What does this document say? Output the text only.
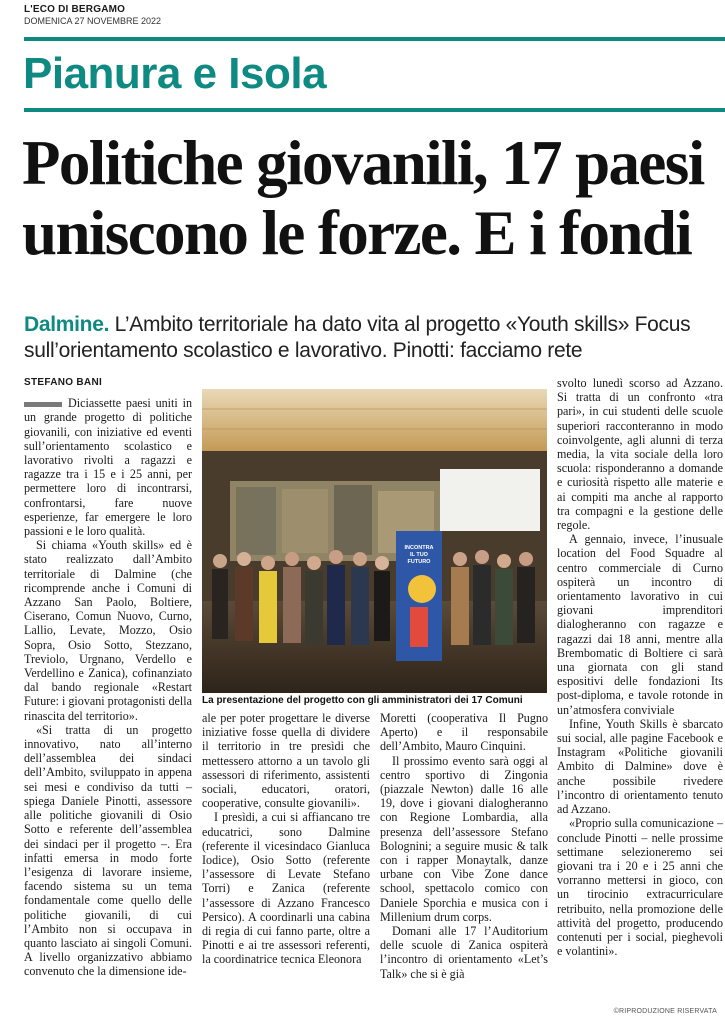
L'ECO DI BERGAMO
DOMENICA 27 NOVEMBRE 2022
Pianura e Isola
Politiche giovanili, 17 paesi
uniscono le forze. E i fondi
Dalmine. L’Ambito territoriale ha dato vita al progetto «Youth skills» Focus sull’orientamento scolastico e lavorativo. Pinotti: facciamo rete
STEFANO BANI

Diciassette paesi uniti in un grande progetto di politiche giovanili, con iniziative ed eventi sull’orientamento scolastico e lavorativo rivolti a ragazzi e ragazze tra i 15 e i 25 anni, per permettere loro di incontrarsi, confrontarsi, fare nuove esperienze, far emergere le loro passioni e le loro qualità.

Si chiama «Youth skills» ed è stato realizzato dall’Ambito territoriale di Dalmine (che ricomprende anche i Comuni di Azzano San Paolo, Boltiere, Ciserano, Comun Nuovo, Curno, Lallio, Levate, Mozzo, Osio Sopra, Osio Sotto, Stezzano, Treviolo, Urgnano, Verdello e Verdellino e Zanica), cofinanziato dal bando regionale «Restart Future: i giovani protagonisti della rinascita del territorio».

«Si tratta di un progetto innovativo, nato all’interno dell’assemblea dei sindaci dell’Ambito, sviluppato in appena sei mesi e condiviso da tutti – spiega Daniele Pinotti, assessore alle politiche giovanili di Osio Sotto e referente dell’assemblea dei sindaci per il progetto –. Era infatti emersa in modo forte l’esigenza di lavorare insieme, facendo sistema su un tema fondamentale come quello delle politiche giovanili, di cui l’Ambito non si occupava in quanto lasciato ai singoli Comuni. A livello organizzativo abbiamo convenuto che la dimensione ide-

INCONTRA
IL TUO
FUTURO
La presentazione del progetto con gli amministratori dei 17 Comuni

ale per poter progettare le diverse iniziative fosse quella di dividere il territorio in tre presìdi che mettessero attorno a un tavolo gli assessori di riferimento, assistenti sociali, educatori, oratori, cooperative, consulte giovanili».

I presìdi, a cui si affiancano tre educatrici, sono Dalmine (referente il vicesindaco Gianluca Iodice), Osio Sotto (referente l’assessore di Levate Stefano Torri) e Zanica (referente l’assessore di Azzano Francesco Persico). A coordinarli una cabina di regia di cui fanno parte, oltre a Pinotti e ai tre assessori referenti, la coordinatrice tecnica Eleonora

Moretti (cooperativa Il Pugno Aperto) e il responsabile dell’Ambito, Mauro Cinquini.

Il prossimo evento sarà oggi al centro sportivo di Zingonia (piazzale Newton) dalle 16 alle 19, dove i giovani dialogheranno con Regione Lombardia, alla presenza dell’assessore Stefano Bolognini; a seguire music & talk con i rapper Monaytalk, danze urbane con Vibe Zone dance school, spettacolo comico con Daniele Sporchia e musica con i Millenium drum corps.

Domani alle 17 l’Auditorium delle scuole di Zanica ospiterà l’incontro di orientamento «Let’s Talk» che si è già

svolto lunedì scorso ad Azzano. Si tratta di un confronto «tra pari», in cui studenti delle scuole superiori racconteranno in modo coinvolgente, agli alunni di terza media, la vita sociale della loro scuola: risponderanno a domande e curiosità rispetto alle materie e ai compiti ma anche al rapporto tra compagni e la gestione delle regole.

A gennaio, invece, l’inusuale location del Food Squadre al centro commerciale di Curno ospiterà un incontro di orientamento lavorativo in cui giovani imprenditori dialogheranno con ragazze e ragazzi dai 18 anni, mentre alla Brembomatic di Boltiere ci sarà una giornata con gli stand espositivi delle fondazioni Its post-diploma, e tavole rotonde in un’atmosfera conviviale

Infine, Youth Skills è sbarcato sui social, alle pagine Facebook e Instagram «Politiche giovanili Ambito di Dalmine» dove è anche possibile rivedere l’incontro di orientamento tenuto ad Azzano.

«Proprio sulla comunicazione – conclude Pinotti – nelle prossime settimane selezioneremo sei giovani tra i 20 e i 25 anni che vorranno mettersi in gioco, con un tirocinio extracurriculare retribuito, nella promozione delle attività del progetto, producendo contenuti per i social, pieghevoli e volantini».

©RIPRODUZIONE RISERVATA
